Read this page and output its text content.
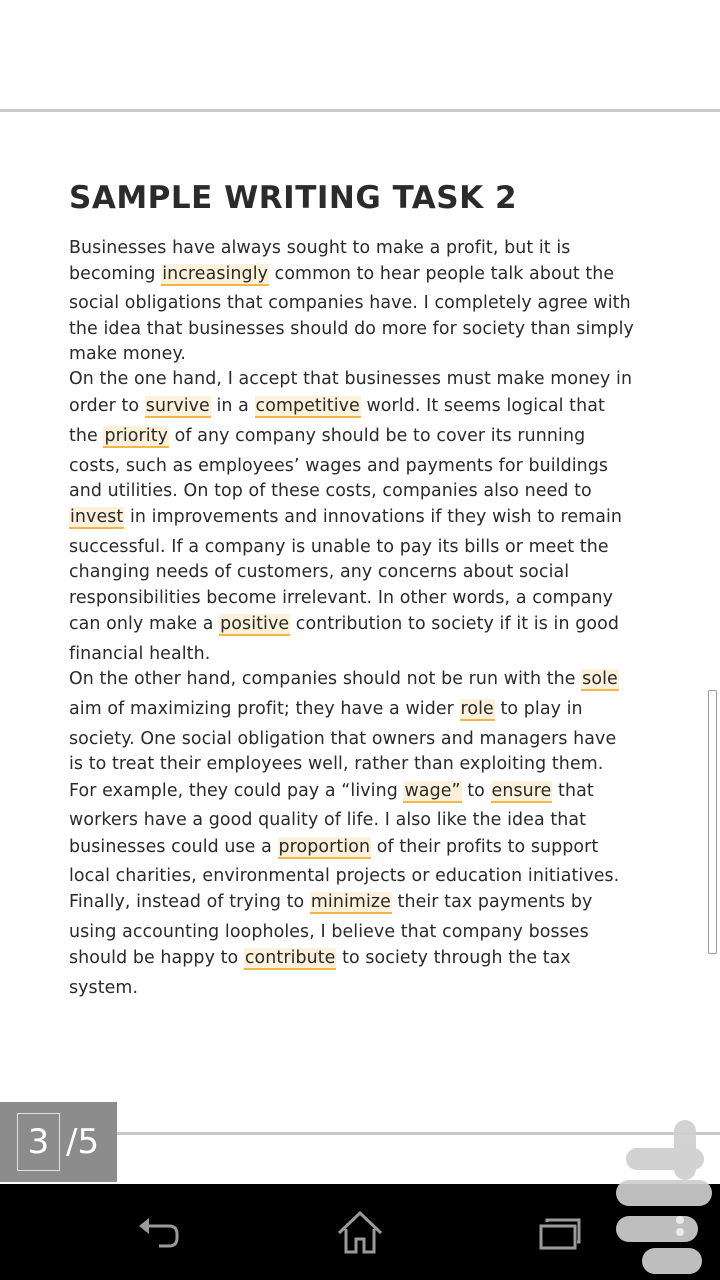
SAMPLE WRITING TASK 2
Businesses have always sought to make a profit, but it is
becoming increasingly common to hear people talk about the
social obligations that companies have. I completely agree with
the idea that businesses should do more for society than simply
make money.
On the one hand, I accept that businesses must make money in
order to survive in a competitive world. It seems logical that
the priority of any company should be to cover its running
costs, such as employees’ wages and payments for buildings
and utilities. On top of these costs, companies also need to
invest in improvements and innovations if they wish to remain
successful. If a company is unable to pay its bills or meet the
changing needs of customers, any concerns about social
responsibilities become irrelevant. In other words, a company
can only make a positive contribution to society if it is in good
financial health.
On the other hand, companies should not be run with the sole
aim of maximizing profit; they have a wider role to play in
society. One social obligation that owners and managers have
is to treat their employees well, rather than exploiting them.
For example, they could pay a “living wage” to ensure that
workers have a good quality of life. I also like the idea that
businesses could use a proportion of their profits to support
local charities, environmental projects or education initiatives.
Finally, instead of trying to minimize their tax payments by
using accounting loopholes, I believe that company bosses
should be happy to contribute to society through the tax
system.
3 /5
